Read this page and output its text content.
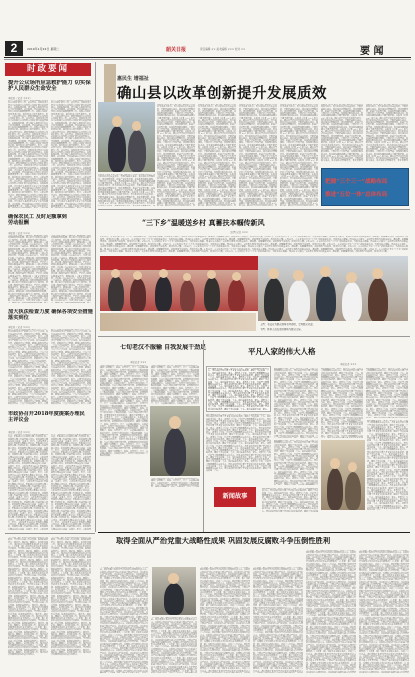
2	2019年1月22日 星期二	韶关日报	责任编辑 ×× 美术编辑 ××× 校对 ××	要 闻
时政要闻
提升公众场所应急救护能力 切实保护人民群众生命安全
本报讯（记者 李××）
昨日，市政府召开会议，研究部署提升公众场所应急救护能力工作。会议要求，各地各部门要充分认识提升公众场所应急救护能力的重要意义，加强统筹协调，切实保护人民群众生命安全和身体健康。会议强调，要加快推进公共场所自动体外除颤器配置工作，加强应急救护知识普及培训，提高群众自救互救能力。昨日，市政府召开会议，研究部署提升公众场所应急救护能力工作。会议要求，各地各部门要充分认识提升公众场所应急救护能力的重要意义，加强统筹协调，切实保护人民群众生命安全和身体健康。会议强调，要加快推进公共场所自动体外除颤器配置工作，加强应急救护知识普及培训，提高群众自救互救能力。昨日，市政府召开会议，研究部署提升公众场所应急救护能力工作。会议要求，各地各部门要充分认识提升公众场所应急救护能力的重要意义，加强统筹协调，切实保护人民群众生命安全和身体健康。会议强调，要加快推进公共场所自动体外除颤器配置工作，加强应急救护知识普及培训，提高群众自救互救能力。昨日，市政府召开会议，研究部署提升公众场所应急救护能力工作。会议要求，各地各部门要充分认识提升公众场所应急救护能力的重要意义，加强统筹协调，切实保护人民群众生命安全和身体健康。会议强调，要加快推进公共场所自动体外除颤器配置工作，加强应急救护知识普及培训，提高群众自救互救能力。昨日，市政府召开会议，研究部署提升公众场所应急救护能力工作。会议要求，各地各部门要充分认识提升公众场所应急救护能力的重要意义，加强统筹协调，切实保护人民群众生命安全和身体健康。会议强调，要加快推进公共场所自动体外除颤器配置工作，加强应急救护知识普及培训，提高群众自救互救能力。昨日，市政府召开会议，研究部署提升公众场所应急救护能力工作。会议要求，各地各部门要充分认识提升公众场所应急救护能力的重要意义，加强统筹协调，切实保护人民群众生命安全和身体健康。会议强调，要加快推进公共场所自动体外除颤器配置工作，加强应急救护知识普及培训，提高群众自救互救能力。昨日，市政府召开会议，研究部署提升公众场所应急救护能力工作。会议要求，各地各部门要充分认识提升公众场所应急救护能力的重要意义，加强统筹协调，切实保护人民群众生命安全和身体健康。会议强调，要加快推进公共场所自动体外除颤器配置工作，加强应急救护知识普及培
昨日，市政府召开会议，研究部署提升公众场所应急救护能力工作。会议要求，各地各部门要充分认识提升公众场所应急救护能力的重要意义，加强统筹协调，切实保护人民群众生命安全和身体健康。会议强调，要加快推进公共场所自动体外除颤器配置工作，加强应急救护知识普及培训，提高群众自救互救能力。昨日，市政府召开会议，研究部署提升公众场所应急救护能力工作。会议要求，各地各部门要充分认识提升公众场所应急救护能力的重要意义，加强统筹协调，切实保护人民群众生命安全和身体健康。会议强调，要加快推进公共场所自动体外除颤器配置工作，加强应急救护知识普及培训，提高群众自救互救能力。昨日，市政府召开会议，研究部署提升公众场所应急救护能力工作。会议要求，各地各部门要充分认识提升公众场所应急救护能力的重要意义，加强统筹协调，切实保护人民群众生命安全和身体健康。会议强调，要加快推进公共场所自动体外除颤器配置工作，加强应急救护知识普及培训，提高群众自救互救能力。昨日，市政府召开会议，研究部署提升公众场所应急救护能力工作。会议要求，各地各部门要充分认识提升公众场所应急救护能力的重要意义，加强统筹协调，切实保护人民群众生命安全和身体健康。会议强调，要加快推进公共场所自动体外除颤器配置工作，加强应急救护知识普及培训，提高群众自救互救能力。昨日，市政府召开会议，研究部署提升公众场所应急救护能力工作。会议要求，各地各部门要充分认识提升公众场所应急救护能力的重要意义，加强统筹协调，切实保护人民群众生命安全和身体健康。会议强调，要加快推进公共场所自动体外除颤器配置工作，加强应急救护知识普及培训，提高群众自救互救能力。昨日，市政府召开会议，研究部署提升公众场所应急救护能力工作。会议要求，各地各部门要充分认识提升公众场所应急救护能力的重要意义，加强统筹协调，切实保护人民群众生命安全和身体健康。会议强调，要加快推进公共场所自动体外除颤器配置工作，加强应急救护知识普及培训，提高群众自救互救能力。昨日，市政府召开会议，研究部署提升公众场所应急救护能力工作。会议要求，各地各部门要充分认识提升公众场所应急救护能力的重要意义，加强统筹协调，切实保护人民群众生命安全和身体健康。会议强调，要加快推进公共场所自动体外除颤器配置工作，加强应急救护知识普及培
确保农民工 及时足额拿到劳动报酬
本报讯（记者 ×××）
为切实维护农民工合法权益，确保农民工及时足额拿到劳动报酬，我市近日开展根治欠薪冬季专项行动，对在建工程项目进行全面排查，严厉打击恶意欠薪违法行为，确保农民工工资支付情况平稳，让农民工安心返乡过年。为切实维护农民工合法权益，确保农民工及时足额拿到劳动报酬，我市近日开展根治欠薪冬季专项行动，对在建工程项目进行全面排查，严厉打击恶意欠薪违法行为，确保农民工工资支付情况平稳，让农民工安心返乡过年。为切实维护农民工合法权益，确保农民工及时足额拿到劳动报酬，我市近日开展根治欠薪冬季专项行动，对在建工程项目进行全面排查，严厉打击恶意欠薪违法行为，确保农民工工资支付情况平稳，让农民工安心返乡过年。为切实维护农民工合法权益，确保农民工及时足额拿到劳动报酬，我市近日开展根治欠薪冬季专项行动，对在建工程项目进行全面排查，严厉打击恶意欠薪违法行为，确保农民工工资支付情况平稳，让农民工安心返乡过年。为切实维护农民工合法权益，确保农民工及时足额拿到劳动报酬，我市近日开展根治欠薪冬季专项行动，对在建工程项目进行全面排查，严厉打击恶意欠薪违法行为，确保农民工工资支付情况平稳，让农民工安心返乡过年。为切实维护农民工合法权益，确保农民工及时足额拿到劳动报酬，我市近日开展根治欠薪冬季专项行动，对在建工程项目进行全面排查，严厉打击恶意欠薪违法行为，确保农民工工资支付情况平稳，让农民工安心返乡过年。为切实维护农民工合法权
为切实维护农民工合法权益，确保农民工及时足额拿到劳动报酬，我市近日开展根治欠薪冬季专项行动，对在建工程项目进行全面排查，严厉打击恶意欠薪违法行为，确保农民工工资支付情况平稳，让农民工安心返乡过年。为切实维护农民工合法权益，确保农民工及时足额拿到劳动报酬，我市近日开展根治欠薪冬季专项行动，对在建工程项目进行全面排查，严厉打击恶意欠薪违法行为，确保农民工工资支付情况平稳，让农民工安心返乡过年。为切实维护农民工合法权益，确保农民工及时足额拿到劳动报酬，我市近日开展根治欠薪冬季专项行动，对在建工程项目进行全面排查，严厉打击恶意欠薪违法行为，确保农民工工资支付情况平稳，让农民工安心返乡过年。为切实维护农民工合法权益，确保农民工及时足额拿到劳动报酬，我市近日开展根治欠薪冬季专项行动，对在建工程项目进行全面排查，严厉打击恶意欠薪违法行为，确保农民工工资支付情况平稳，让农民工安心返乡过年。为切实维护农民工合法权益，确保农民工及时足额拿到劳动报酬，我市近日开展根治欠薪冬季专项行动，对在建工程项目进行全面排查，严厉打击恶意欠薪违法行为，确保农民工工资支付情况平稳，让农民工安心返乡过年。为切实维护农民工合法权益，确保农民工及时足额拿到劳动报酬，我市近日开展根治欠薪冬季专项行动，对在建工程项目进行全面排查，严厉打击恶意欠薪违法行为，确保农民工工资支付情况平稳，让农民工安心返乡过年。为切实维护农民工合法权
加大执法检查力度 确保各项安全措施落实到位
本报讯（记者 ×××）
近日，市领导带队检查春节前安全生产工作，要求各地各部门严格落实安全生产责任制，加大执法检查力度，消除各类安全隐患，确保人民群众度过一个安全祥和的春节。近日，市领导带队检查春节前安全生产工作，要求各地各部门严格落实安全生产责任制，加大执法检查力度，消除各类安全隐患，确保人民群众度过一个安全祥和的春节。近日，市领导带队检查春节前安全生产工作，要求各地各部门严格落实安全生产责任制，加大执法检查力度，消除各类安全隐患，确保人民群众度过一个安全祥和的春节。近日，市领导带队检查春节前安全生产工作，要求各地各部门严格落实安全生产责任制，加大执法检查力度，消除各类安全隐患，确保人民群众度过一个安全祥和的春节。近日，市领导带队检查春节前安全生产工作，要求各地各部门严格落实安全生产责任制，加大执法检查力度，消除各类安全隐患，确保人民群众度过一个安全祥和的春节。近日，市领导带队检查春节前安全生产工作，要求各地各部门严格落实安全生产责任制，加大执法检查力度，消除各类安全隐患，确保人民群众度过一个安全祥和的春节。近日，市领导带队检查春节前安全生产工作，要求各地各部门严格落实安全生产责任制，加大执法检查力度，消除各类安全隐患，确保人民群众度过一个安全祥和的春节。近日，市领导带队检查春节前安全生产工作，要求各地各部门严格落实安全生产责任制，加大执法检查力度，消除各类安全隐患，确保人民群众度过一个安全祥和的春节。近日，市领导带队检查春节前安全生产工作，要求各地各部门严格落实安全生产责任制，加大执法检查力度，消除各类安全隐患，确保人民群众度过一个安全祥和的春节。近日，市领
近日，市领导带队检查春节前安全生产工作，要求各地各部门严格落实安全生产责任制，加大执法检查力度，消除各类安全隐患，确保人民群众度过一个安全祥和的春节。近日，市领导带队检查春节前安全生产工作，要求各地各部门严格落实安全生产责任制，加大执法检查力度，消除各类安全隐患，确保人民群众度过一个安全祥和的春节。近日，市领导带队检查春节前安全生产工作，要求各地各部门严格落实安全生产责任制，加大执法检查力度，消除各类安全隐患，确保人民群众度过一个安全祥和的春节。近日，市领导带队检查春节前安全生产工作，要求各地各部门严格落实安全生产责任制，加大执法检查力度，消除各类安全隐患，确保人民群众度过一个安全祥和的春节。近日，市领导带队检查春节前安全生产工作，要求各地各部门严格落实安全生产责任制，加大执法检查力度，消除各类安全隐患，确保人民群众度过一个安全祥和的春节。近日，市领导带队检查春节前安全生产工作，要求各地各部门严格落实安全生产责任制，加大执法检查力度，消除各类安全隐患，确保人民群众度过一个安全祥和的春节。近日，市领导带队检查春节前安全生产工作，要求各地各部门严格落实安全生产责任制，加大执法检查力度，消除各类安全隐患，确保人民群众度过一个安全祥和的春节。近日，市领导带队检查春节前安全生产工作，要求各地各部门严格落实安全生产责任制，加大执法检查力度，消除各类安全隐患，确保人民群众度过一个安全祥和的春节。近日，市领导带队检查春节前安全生产工作，要求各地各部门严格落实安全生产责任制，加大执法检查力度，消除各类安全隐患，确保人民群众度过一个安全祥和的春节。近日，市领
市政协召开2018年度提案办理民主评议会
本报讯（记者 ×××）
昨日，市政协召开2018年度提案办理民主评议会，听取承办单位提案办理工作情况汇报，对提案办理工作进行民主评议，推动提案办理质量和实效进一步提升。昨日，市政协召开2018年度提案办理民主评议会，听取承办单位提案办理工作情况汇报，对提案办理工作进行民主评议，推动提案办理质量和实效进一步提升。昨日，市政协召开2018年度提案办理民主评议会，听取承办单位提案办理工作情况汇报，对提案办理工作进行民主评议，推动提案办理质量和实效进一步提升。昨日，市政协召开2018年度提案办理民主评议会，听取承办单位提案办理工作情况汇报，对提案办理工作进行民主评议，推动提案办理质量和实效进一步提升。昨日，市政协召开2018年度提案办理民主评议会，听取承办单位提案办理工作情况汇报，对提案办理工作进行民主评议，推动提案办理质量和实效进一步提升。昨日，市政协召开2018年度提案办理民主评议会，听取承办单位提案办理工作情况汇报，对提案办理工作进行民主评议，推动提案办理质量和实效进一步提升。昨日，市政协召开2018年度提案办理民主评议会，听取承办单位提案办理工作情况汇报，对提案办理工作进行民主评议，推动提案办理质量和实效进一步提升。昨日，市政协召开2018年度提案办理民主评议会，听取承办单位提案办理工作情况汇报，对提案办理工作进行民主评议，推动提案办理质量和实效进一步提升。昨日，市政协召开2018年度提案办理民主评议会，听取承办单位提案办理工作情况汇报，对提案办理工作进行民主评议，推动提案办理质量和实效进一步提升。昨日，市政协召开2018年度提案办理民主评议会，听取承办单位提案办理工作情况汇报，对提案办理工作进行民主评议，推动提案办理质量和实效进一步提升。昨日，市政协召开2018年度提案办理民主评议会，听取承办单位提案办理工作情况汇报，对提案办理工作进行民主评议，推动提案办理质量和实效进一步提升。昨日，市政协召开2018年度提案办理民主评议会，听取承办单位提案办理工作情况汇报，对提案办理工作进行民主评议，推动提案办理质量和实效进一步提升。昨日，市政协召
昨日，市政协召开2018年度提案办理民主评议会，听取承办单位提案办理工作情况汇报，对提案办理工作进行民主评议，推动提案办理质量和实效进一步提升。昨日，市政协召开2018年度提案办理民主评议会，听取承办单位提案办理工作情况汇报，对提案办理工作进行民主评议，推动提案办理质量和实效进一步提升。昨日，市政协召开2018年度提案办理民主评议会，听取承办单位提案办理工作情况汇报，对提案办理工作进行民主评议，推动提案办理质量和实效进一步提升。昨日，市政协召开2018年度提案办理民主评议会，听取承办单位提案办理工作情况汇报，对提案办理工作进行民主评议，推动提案办理质量和实效进一步提升。昨日，市政协召开2018年度提案办理民主评议会，听取承办单位提案办理工作情况汇报，对提案办理工作进行民主评议，推动提案办理质量和实效进一步提升。昨日，市政协召开2018年度提案办理民主评议会，听取承办单位提案办理工作情况汇报，对提案办理工作进行民主评议，推动提案办理质量和实效进一步提升。昨日，市政协召开2018年度提案办理民主评议会，听取承办单位提案办理工作情况汇报，对提案办理工作进行民主评议，推动提案办理质量和实效进一步提升。昨日，市政协召开2018年度提案办理民主评议会，听取承办单位提案办理工作情况汇报，对提案办理工作进行民主评议，推动提案办理质量和实效进一步提升。昨日，市政协召开2018年度提案办理民主评议会，听取承办单位提案办理工作情况汇报，对提案办理工作进行民主评议，推动提案办理质量和实效进一步提升。昨日，市政协召开2018年度提案办理民主评议会，听取承办单位提案办理工作情况汇报，对提案办理工作进行民主评议，推动提案办理质量和实效进一步提升。昨日，市政协召开2018年度提案办理民主评议会，听取承办单位提案办理工作情况汇报，对提案办理工作进行民主评议，推动提案办理质量和实效进一步提升。昨日，市政协召开2018年度提案办理民主评议会，听取承办单位提案办理工作情况汇报，对提案办理工作进行民主评议，推动提案办理质量和实效进一步提升。昨日，市政协召
惠民生 增福祉
确山县以改革创新提升发展质效
本报讯（记者 ××）近年来，确山县坚持以改革创新为动力，着力推动经济高质量发展，不断增进民生福祉。该县深化放管服改革，优化营商环境，推进产业转型升级，加快新型城镇化建设，全面打好三大攻坚战，各项事业取得新成效，群众获得感幸福感安全感不断增强。本报讯（记者 ××）近年来，确山县坚持以改革创新为动力，着力推动经济高质量发展，不断增进民生福祉。该县深化放管服改革，优化营商环境，推进产业转型升级，加快新型城镇化建设，全面打好三大攻坚战，各项事业取得新成效，群众获得感幸福感安全感不断增强。本报讯（记者 ××）近年来，确山县坚持以改革创新为动力，着力推动经济高质量发展，不断增进民生福祉。该县深化放管服改革，优化营商环境，推进产业转型升级，加快新型城镇化建设，全面打好三大攻坚战，各项事业取得新成效，群众获得感幸福感安全感不断增强。本报讯（记者 ××）近年来，确山县坚持以改革创新为动力，着力推动经济高质量发展，不断增进民生福祉。该县深化放管服改革，优化营商环境，推进产业转型升级，加快新型城镇化建设，全面打好三大攻坚战，各项事业取得新成效，群众获得感幸福感安全感不断增强。本报讯（记者 ××）近年来，确山县坚持以改革创新为动力，着力推动经济高质量发展，不断增进民生福祉。该县深化放管服改革，优化营商环境，推进产业转型升级，加快新型城镇化建设，全面打好三大攻坚战，各项事业取得新成效，群众获得感幸福感安全感不断增强。本报讯（记者 ××）近年来，确山县坚持以改革创新为动力，着力推动经济高质量发展，不断增进民生福祉。该县深化放管服改革，优化营商环境，推进产业转型升级，加快新型城镇化建设，全面打好三大攻坚战，各项事业取得新成效，群众获得感幸福感安全感不断增强。本报讯（记者 ××）近年来，确山县坚持以改革创新为动力，着力推动经济高质量发展，不断增进民生福祉。该县深化放管服改革，优化营商环境，推进产业转型升级，加快新型城镇化建设，全面打好三大攻坚战，各项事业取得新成效，群众获得感幸福感安全感不断增强。本报讯（记者 ××）
本报讯（记者 ××）近年来，确山县坚持以改革创新为动力，着力推动经济高质量发展，不断增进民生福祉。该县深化放管服改革，优化营商环境，推进产业转型升级，加快新型城镇化建设，全面打好三大攻坚战，各项事业取得新成效，群众获得感幸福感安全感不断增强。本报讯（记者 ××）近年来，确山县坚持以改革创新为动力，着力推动经济高质量发展，不断增进民生福祉。该县深化放管服改革，优化营商环境，推进产业转型升级，加快新型城镇化建设，全面打好三大攻坚战，各项事业取得新成效，群众获得感幸福感安全感不断增强。本报讯（记者 ××）近年来，确山县坚持以改革创新为动力，着力推动经济高质量发展，不断增进民生福祉。该县深化放管服改革，优化营商环境，推进产业转型升级，加快新型城镇化建设，全面打好三大攻坚战，各项事业取得新成效，群众获得感幸福感安全感不断增强。本报讯（记者 ××）近年来，确山县坚持以改革创新为动力，着力推动经济高质量发展，不断增进民生福祉。该县深化放管服改革，优化营商环境，推进产业转型升级，加快新型城镇化建设，全面打好三大攻坚战，各项事业取得新成效，群众获得感幸福感安全感不断增强。本报讯（记者 ××）近年来，确山县坚持以改革创新为动力，着力推动经济高质量发展，不断增进民生福祉。该县深化放管服改革，优化营商环境，推进产业转型升级，加快新型城镇化建设，全面打好三大攻坚战，各项事业取得新成效，群众获得感幸福感安全感不断增强。本报讯（记者 ××）近年来，确山县坚持以改革创新为动力，着力推动经济高质量发展，不断增进民生福祉。该县深化放管服改革，优化营商环境，推进产业转型升级，加快新型城镇化建设，全面打好三大攻坚战，各项事业取得新成效，群众获得感幸福感安全感不断增强。本报讯（记者 ××）近年来，确山县坚持以改革创新为动力，着力推动经济高质量发展，不断增进民生福祉。该县深化放管服改革，优化营商环境，推进产业转型升级，加快新型城镇化建设，全面打好三大攻坚战，各项事业取得新成效，群众获得感幸福感安全感不断增强。本报讯（记者 ××）
本报讯（记者 ××）近年来，确山县坚持以改革创新为动力，着力推动经济高质量发展，不断增进民生福祉。该县深化放管服改革，优化营商环境，推进产业转型升级，加快新型城镇化建设，全面打好三大攻坚战，各项事业取得新成效，群众获得感幸福感安全感不断增强。本报讯（记者 ××）近年来，确山县坚持以改革创新为动力，着力推动经济高质量发展，不断增进民生福祉。该县深化放管服改革，优化营商环境，推进产业转型升级，加快新型城镇化建设，全面打好三大攻坚战，各项事业取得新成效，群众获得感幸福感安全感不断增强。本报讯（记者 ××）近年来，确山县坚持以改革创新为动力，着力推动经济高质量发展，不断增进民生福祉。该县深化放管服改革，优化营商环境，推进产业转型升级，加快新型城镇化建设，全面打好三大攻坚战，各项事业取得新成效，群众获得感幸福感安全感不断增强。本报讯（记者 ××）近年来，确山县坚持以改革创新为动力，着力推动经济高质量发展，不断增进民生福祉。该县深化放管服改革，优化营商环境，推进产业转型升级，加快新型城镇化建设，全面打好三大攻坚战，各项事业取得新成效，群众获得感幸福感安全感不断增强。本报讯（记者 ××）近年来，确山县坚持以改革创新为动力，着力推动经济高质量发展，不断增进民生福祉。该县深化放管服改革，优化营商环境，推进产业转型升级，加快新型城镇化建设，全面打好三大攻坚战，各项事业取得新成效，群众获得感幸福感安全感不断增强。本报讯（记者 ××）近年来，确山县坚持以改革创新为动力，着力推动经济高质量发展，不断增进民生福祉。该县深化放管服改革，优化营商环境，推进产业转型升级，加快新型城镇化建设，全面打好三大攻坚战，各项事业取得新成效，群众获得感幸福感安全感不断增强。本报讯（记者 ××）近年来，确山县坚持以改革创新为动力，着力推动经济高质量发展，不断增进民生福祉。该县深化放管服改革，优化营商环境，推进产业转型升级，加快新型城镇化建设，全面打好三大攻坚战，各项事业取得新成效，群众获得感幸福感安全感不断增强。本报讯（记者 ××）
本报讯（记者 ××）近年来，确山县坚持以改革创新为动力，着力推动经济高质量发展，不断增进民生福祉。该县深化放管服改革，优化营商环境，推进产业转型升级，加快新型城镇化建设，全面打好三大攻坚战，各项事业取得新成效，群众获得感幸福感安全感不断增强。本报讯（记者 ××）近年来，确山县坚持以改革创新为动力，着力推动经济高质量发展，不断增进民生福祉。该县深化放管服改革，优化营商环境，推进产业转型升级，加快新型城镇化建设，全面打好三大攻坚战，各项事业取得新成效，群众获得感幸福感安全感不断增强。本报讯（记者 ××）近年来，确山县坚持以改革创新为动力，着力推动经济高质量发展，不断增进民生福祉。该县深化放管服改革，优化营商环境，推进产业转型升级，加快新型城镇化建设，全面打好三大攻坚战，各项事业取得新成效，群众获得感幸福感安全感不断增强。本报讯（记者 ××）近年来，确山县坚持以改革创新为动力，着力推动经济高质量发展，不断增进民生福祉。该县深化放管服改革，优化营商环境，推进产业转型升级，加快新型城镇化建设，全面打好三大攻坚战，各项事业取得新成效，群众获得感幸福感安全感不断增强。本报讯（记者 ××）近年来，确山县坚持以改革创新为动力，着力推动经济高质量发展，不断增进民生福祉。该县深化放管服改革，优化营商环境，推进产业转型升级，加快新型城镇化建设，全面打好三大攻坚战，各项事业取得新成效，群众获得感幸福感安全感不断增强。本报讯（记者 ××）近年来，确山县坚持以改革创新为动力，着力推动经济高质量发展，不断增进民生福祉。该县深化放管服改革，优化营商环境，推进产业转型升级，加快新型城镇化建设，全面打好三大攻坚战，各项事业取得新成效，群众获得感幸福感安全感不断增强。本报讯（记者 ××）近年来，确山县坚持以改革创新为动力，着力推动经济高质量发展，不断增进民生福祉。该县深化放管服改革，优化营商环境，推进产业转型升级，加快新型城镇化建设，全面打好三大攻坚战，各项事业取得新成效，群众获得感幸福感安全感不断增强。本报讯（记者 ××）
本报讯（记者 ××）近年来，确山县坚持以改革创新为动力，着力推动经济高质量发展，不断增进民生福祉。该县深化放管服改革，优化营商环境，推进产业转型升级，加快新型城镇化建设，全面打好三大攻坚战，各项事业取得新成效，群众获得感幸福感安全感不断增强。本报讯（记者 ××）近年来，确山县坚持以改革创新为动力，着力推动经济高质量发展，不断增进民生福祉。该县深化放管服改革，优化营商环境，推进产业转型升级，加快新型城镇化建设，全面打好三大攻坚战，各项事业取得新成效，群众获得感幸福感安全感不断增强。本报讯（记者 ××）近年来，确山县坚持以改革创新为动力，着力推动经济高质量发展，不断增进民生福祉。该县深化放管服改革，优化营商环境，推进产业转型升级，加快新型城镇化建设，全面打好三大攻坚战，各项事业取得新成效，群众获得感幸福感安全感不断增强。本报讯（记者 ××）近年来，确山县坚持以改革创新为动力，着力推动经济高质量发展，不断增进民生福祉。该县深化放管服改革，优化营商环境，推进产业转型升级，加快新型城镇化建设，全面打好三大攻坚战，各项事业取得新成效，群众获得感幸福感安全感不断增强。本报讯（记者 ××）近年来，确山县坚持以改革创新为动力，着力推动经济高质量发展，不断增进民生福祉。该县深化放管服改革，优化营商环
本报讯（记者 ××）近年来，确山县坚持以改革创新为动力，着力推动经济高质量发展，不断增进民生福祉。该县深化放管服改革，优化营商环境，推进产业转型升级，加快新型城镇化建设，全面打好三大攻坚战，各项事业取得新成效，群众获得感幸福感安全感不断增强。本报讯（记者 ××）近年来，确山县坚持以改革创新为动力，着力推动经济高质量发展，不断增进民生福祉。该县深化放管服改革，优化营商环境，推进产业转型升级，加快新型城镇化建设，全面打好三大攻坚战，各项事业取得新成效，群众获得感幸福感安全感不断增强。本报讯（记者 ××）近年来，确山县坚持以改革创新为动力，着力推动经济高质量发展，不断增进民生福祉。该县深化放管服改革，优化营商环境，推进产业转型升级，加快新型城镇化建设，全面打好三大攻坚战，各项事业取得新成效，群众获得感幸福感安全感不断增强。本报讯（记者 ××）近年来，确山县坚持以改革创新为动力，着力推动经济高质量发展，不断增进民生福祉。该县深化放管服改革，优化营商环境，推进产业转型升级，加快新型城镇化建设，全面打好三大攻坚战，各项事业取得新成效，群众获得感幸福感安全感不断增强。本报讯（记者 ××）近年来，确山县坚持以改革创新为动力，着力推动经济高质量发展，不断增进民生福祉。该县深化放管服改革，优化营商环
本报讯（记者 ××）近年来，确山县坚持以改革创新为动力，着力推动经济高质量发展，不断增进民生福祉。该县深化放管服改革，优化营商环境，推进产业转型升级，加快新型城镇化建设，全面打好三大攻坚战，各项事业取得新成效，群众获得感幸福感安全感不断增强。本报讯（记者 ××）近年来，确山县坚持以改革创新为动力，着力推动经济高质量发展，不断增进民生福祉。该县深化放管服改革，优化营商环境，推进产业转型升级，加快新型城镇化建设，全面打好三大攻坚战，各项事业取得新成效，群众获得感幸福感安全感不断增强。本报讯（记者 ××）近年来，确山县坚持以改革创新为动力，着力推动经济高质量发展，不断增进民生福祉。该县深化放管服改革，优化营商环境，推进产业转型升级，加快新型城镇化建设，全面打好三大攻坚战，各项事业取得新成效，群众获得感幸福感安全感不断增强。本报讯（记者 ××）近年来，确山县坚持以改革创新为动力，着力推动
把握“三个三一”战略布局
推进“五位一体”总体布局
“三下乡”温暖送乡村 真蓄扶本帼传新风
文/图 记者 ×××
1月21日，市文化科技卫生“三下乡”活动走进乡村，为群众送去春联、图书和文艺演出，义诊医生现场为村民量血压、测血糖、讲解健康知识，活动现场气氛热烈，群众纷纷点赞。1月21日，市文化科技卫生“三下乡”活动走进乡村，为群众送去春联、图书和文艺演出，义诊医生现场为村民量血压、测血糖、讲解健康知识，活动现场气氛热烈，群众纷纷点赞。1月21日，市文化科技卫生“三下乡”活动走进乡村，为群众送去春联、图书和文艺演出，义诊医生现场为村民量血压、测血糖、讲解健康知识，活动现场气氛热烈，群众纷纷点赞。1月21日，市文化科技卫生“三下乡”活动走进乡村，为群众送去春联、图书和文艺演出，义诊医生现场为村民量血压、测血糖、讲解健康知识，活动现场气氛热烈，群众纷纷点赞。1月21日，市文化科技卫生“三下乡”活动走进乡村，为群众送去春联、图书和文艺演出，义诊医生现场为村民量血压、测血糖、讲解健康知识，活动现场气氛热烈，群众纷纷点赞。1月21日，市文化科技卫生“三下乡”活动走进乡村，为群众送去春联、图书和文艺演出，义诊医生现场为村民量血压、测血糖、讲解健康知识，活动现场气氛热烈，群众纷纷点赞。1月21日，市文化科技卫生“三下乡”活动走进乡村，为群众送去春联、图书和文艺演出，义诊医生现场为村民量血压、测血糖、讲解健康知识，活动现场气氛热烈，群众纷纷点赞。1月21日，市文化科技卫生“三下乡”活动走进乡村，为群众送去春联、图书和文艺演出，义诊医生现场为村民量血压、测血糖、讲解健康知识，活动现场气氛热烈，群众纷纷点赞。1月21日，市文化科技卫生“三下乡”活动走进乡村，为群众送去春联、图书和文艺演出，义诊医生现场为村民量血压、测血糖、讲解健康知识，活动现场气氛热烈，群众纷纷点赞。1月21日，市文化科技卫生“三下乡”活动走进乡村，为群众送去春联、图书和文艺演出，义诊医生现场为村民量血压、测血糖、讲解健康知识，活动现场气氛热烈，群众纷纷点赞。1月21日，市文化科技卫生“三下乡”活动走进乡村，为群众送去春联、图书和文艺演出，义诊医生现场为村民量血压、测血糖、讲解健康知识，活动现场气氛热烈，群众纷纷点赞。1月21日，市文化科技卫生“三下乡”活动走进乡村，为群众送去春联、图书和文艺演出，义诊医生现场为村民量血压、测血糖、讲解健康知识，活动现场气氛热烈，群众纷纷点赞。1月21日，市文化科技卫生“三下乡”活动走进乡村，为群众送去春联、图书和文艺演出，义诊医生现场为村民量血压、测血糖、讲解健康知识，活动现场气氛热烈，群众纷纷点赞。
上图：书法家为群众现场书写春联，受到群众欢迎。
下图：医务人员在活动现场为群众义诊。
七旬老汉不服输 自我发展干劲足
本报记者 ×××
年过七旬的老张不等不靠，依靠勤劳双手发展种养业，摘掉了贫困帽子。他说，只要肯干，日子一定会越过越红火。在他的带动下，村里不少群众也走上了脱贫致富路。年过七旬的老张不等不靠，依靠勤劳双手发展种养业，摘掉了贫困帽子。他说，只要肯干，日子一定会越过越红火。在他的带动下，村里不少群众也走上了脱贫致富路。年过七旬的老张不等不靠，依靠勤劳双手发展种养业，摘掉了贫困帽子。他说，只要肯干，日子一定会越过越红火。在他的带动下，村里不少群众也走上了脱贫致富路。年过七旬的老张不等不靠，依靠勤劳双手发展种养业，摘掉了贫困帽子。他说，只要肯干，日子一定会越过越红火。在他的带动下，村里不少群众也走上了脱贫致富路。年过七旬的老张不等不靠，依靠勤劳双手发展种养业，摘掉了贫困帽子。他说，只要肯干，日子一定会越过越红火。在他的带动下，村里不少群众也走上了脱贫致富路。年过七旬的老张不等不靠，依靠勤劳双手发展种养业，摘掉了贫困帽子。他说，只要肯干，日子一定会越过越红火。在他的带动下，村里不少群众也走上了脱贫致富路。年过七旬的老张不等不靠，依靠勤劳双手发展种养业，摘掉了贫困帽子。他说，只要肯干，日子一定会越过越红火。在他的带动下，村里不少群众也走上了脱贫致富路。年过七旬的老张不等不靠，依靠勤劳双手发展种养业，摘掉了贫困帽子。他说，只要肯干，日子一定会越过越红火。在他的带动下，村里不少群众也走上了脱贫致富路。年过七旬的老张不等不靠，依靠勤劳双手发展种养业，摘掉了贫困帽子。他说，只要肯干，日子一定会越过越红火。在他的带动下，村里不少群众也走上了脱贫致富路。年过七旬的老张不等不靠，依靠勤劳双手发展种养业，摘掉了贫困帽子。他说，只要肯干，日子一定会越过越红火。在他的带动下，村里不少群众也走上了脱贫致富路。年过七旬的老张不等不靠，依靠勤劳双手发展种养业，摘掉了贫困帽子。他说，只要肯干，日子一定会越过越红火。在他的带动下，村里不少群众也走上了脱贫致富路。年过七旬的老张不等不靠，依靠勤劳双手发展种养业，摘掉了贫困帽子。他说，只要肯干，日子一定会越过越红火。在他的带动下，村里不少群众也走上了脱贫致富路。年过七旬的老张不等不靠，依靠勤劳双手发展种养业，摘掉了贫困帽子。他说，只要肯干，日子一定会越过越红火。在他的带动下，村里不少群众也走上了脱贫致富路。
年过七旬的老张不等不靠，依靠勤劳双手发展种养业，摘掉了贫困帽子。他说，只要肯干，日子一定会越过越红火。在他的带动下，村里不少群众也走上了脱贫致富路。年过七旬的老张不等不靠，依靠勤劳双手发展种养业，摘掉了贫困帽子。他说，只要肯干，日子一定会越过越红火。在他的带动下，村里不少群众也走上了脱贫致富路。年过七旬的老张不等不靠，依靠勤劳双手发展种养业，摘掉了贫困帽子。他说，只要肯干，日子一定会越过越红火。在他的带动下，村里不少群众也走上了脱贫致富路。年过七旬的老张不等不靠，依靠勤劳双手发展种养业，摘掉了贫困帽子。他说，只要肯干，日子一定会越过越红火。在他的带动下，村里不少群众也走上了脱贫致富路。年过七旬的老张不等不靠，依靠勤劳双手发展种养业，摘掉了贫困帽子。他说，只要肯干，日子一定会越过越红火。在他的带动下，村里不少群众也走上了脱贫致富路。年过七旬的老张不等不靠，依靠勤劳双手发展种养业，摘掉了贫困帽子。他说，只要肯干，日子一定会越过越红火。在他的带动下，村里不少
年过七旬的老张不等不靠，依靠勤劳双手发展种养业，摘掉了贫困帽子。他说，只要肯干，日子一定会越过越红火。在他的带动下，村里不少群众也走上了脱贫致富路。年过七旬的老张不等不靠，依靠勤劳双手发展种养
新闻故事
平凡人家的伟大人格
本报记者 ×××
他们是最平凡的一家人，却用几十年如一日的坚守照顾瘫痪在床的亲人，用朴素的行动诠释了孝老爱亲的传统美德，感动了身边的每一个人。他们是最平凡的一家人，却用几十年如一日的坚守照顾瘫痪在床的亲人，用朴素的行动诠释了孝老爱亲的传统美德，感动了身边的每一个人。他们是最平凡的一家人，却用几十年如一日的坚守照顾瘫痪在床的亲人，用朴素的行动诠释了孝老爱亲的传统美德，感动了身边的每一个人。他们是最平凡的一家人，却用几十年如一日的坚守照顾瘫痪在床的亲人，用朴素的行动诠释了孝老爱亲的传统美德，感动了身边的每一个人。他们是最平凡的一家人，却用几十年如一日的坚守照顾瘫痪在床的亲人，用朴素的行动诠释了孝老爱亲的传统美德，感动了身边的每一个人。他们是最平凡的一家人，却用几十年如一日的坚守照顾瘫痪在床的亲人，用朴素的行动诠释了孝老爱亲的传统美德，感动了身边的每一个人。他们是最平凡的一家人，却用几十年如一日的坚守照顾瘫痪在床的亲人，用朴素的行动诠释了孝老爱亲的传统美德，感动了身边的每一个人。他们是最平凡的一家人，却用几十年如一日的坚守照顾瘫痪在床的亲人，用朴素的行动诠释了孝老爱亲的传统美德，感动了身边的每一个人。他们是最平凡的一家人，却用几十年如一日的坚守照顾瘫痪在床的亲人，用朴素的行动诠释了孝老爱亲的传统美德，感动了身边的每一个人。他们是最平凡的一家人，
他们是最平凡的一家人，却用几十年如一日的坚守照顾瘫痪在床的亲人，用朴素的行动诠释了孝老爱亲的传统美德，感动了身边的每一个人。他们是最平凡的一家人，却用几十年如一日的坚守照顾瘫痪在床的亲人，用朴素的行动诠释了孝老爱亲的传统美德，感动了身边的每一个人。他们是最平凡的一家人，却用几十年如一日的坚守照顾瘫痪在床的亲人，用朴素的行动诠释了孝老爱亲的传统美德，感动了身边的每一个人。他们是最平凡的一家人，却用几十年如一日的坚守照顾瘫痪在床的亲人，用朴素的行动诠释了孝老爱亲的传统美德，感动了身边的每一个人。他们是最平凡的一家人，却用几十年如一日的坚守照顾瘫痪在床的亲人，用朴素的行动诠释了孝老爱亲的传统美德，感动了身边的每一个人。他们是最平凡的一家人，却用几十年如一日的坚守照顾瘫痪在床的亲人，用朴素的行动诠释了孝老爱亲的传统美德，感动了身边的每一个人。他们是最平凡的一家人，却用几十年如一日的坚守照顾瘫痪在床的亲人，用朴素的行动诠释了孝老爱亲的传统美德，感动了身边的每一个人。他们是最平凡的一家人，却用几十年如一日的坚守照顾瘫痪在床的亲人，用朴素的行动诠释了孝老爱亲的传统美德，感动了身边的每一个人。他们是最平凡的一家人，却用几十年如一日的坚守照顾瘫痪在床的亲人，用朴素的行动诠释了孝老爱亲的传统美德，感动了身边的每一个人。他们是最平凡的一家人，却用几十年如一日的坚守照顾瘫痪在床的亲人，用朴素的行动诠释了孝老爱亲的传统美德，感动了身边的每一个人。他们是最平凡的一家人，却用几十年如一日的坚守照顾瘫痪在床的亲人，用朴素的行动诠释了孝老爱亲的传统美德，感动了身边的每一个
他们是最平凡的一家人，却用几十年如一日的坚守照顾瘫痪在床的亲人，用朴素的行动诠释了孝老爱亲的传统美德，感动了身边的每一个人。他们是最平凡的一家人，却用几十年如一日的坚守照顾瘫痪在床的亲人，用朴素的行动诠释了孝老爱亲的传统美德，感动了身边的每一个人。他们是最平凡的一家人，却用几十年如一日的坚守照顾瘫痪在床的亲人，用朴素的行动诠释了孝老爱亲的传统美德，感动了身边的每一个人。他们是最平凡的一家人，却用几十年如一日的坚守照顾瘫痪在床的亲人，用朴素的行动诠释了孝老爱亲的传统美德，感动了身边的每一个人。他们是最平凡的一家人，却用几十年如一日的坚守照顾瘫痪在床的亲人，用朴素的行动诠释了孝老爱亲的传统美德，感动了身边的每一个人。他们是最平凡的一家人，却用几十年如一日的坚守照顾瘫痪在床的亲人，用朴素的行动诠释了孝老爱亲的传统美德，感动了身边的每一个人。他们是最平凡的一家人，却用几十年如一日的坚守照顾瘫痪在床的亲人，用朴素的行动诠释了孝老爱亲的传统美德，感动了身边的每一个人。他们是最平凡的一家人，却用几十年如一日的坚守照顾瘫痪在床的亲人，用朴素的行动诠释了孝老爱亲的传统美德，感动了身边的每一个人。他们是最平凡的一家人，却用几十年如一日的坚守照顾瘫痪在床的亲人，用朴素的行动诠释了孝老爱亲的传统美德，感动了身边的每一个人。他们是最平凡的一家人，却用几十年如一日的坚守照顾瘫痪在床的亲人，用朴素的行动诠释了孝老爱亲的传统美德，感动了身边的每一个人。他们是最平凡的一家人，却用几十年如一日的坚守照顾瘫痪在床的
他们是最平凡的一家人，却用几十年如一日的坚守照顾瘫痪在床的亲人，用朴素的行动诠释了孝老爱亲的传统美德，感动了身边的每一个人。他们是最平凡的一家人，却用几十年如一日的坚守照顾瘫痪在床的亲人，用朴素的行动诠释了孝老爱亲的传统美德，感动了身边的每一个人。他们是最平凡的一家人，却用几十年如一日的坚守照顾瘫痪在床的亲人，用朴素的行动诠释了孝老爱亲的传统美德，感动了身边的每一个人。他们是最平凡的一家人，却用几十年如一日的坚守照顾瘫痪在床的亲人，用朴素的行动诠释了孝老爱亲的传统美德，感动了身边的每一个人。他们是最平凡的一家人，却用几十年如一日的坚守照顾瘫痪在床的亲人，用朴素的行动诠释了孝老爱亲的传统美德，感动了身边的每一个人。他们是最平凡的一家人，却用几十年如一日的坚守照顾瘫痪在床的亲人，用朴素的行动诠释了孝老爱亲的传统美德，感动了身边的每一个人。他们是最平凡的一家人，却用几十年如一日的坚守照顾瘫痪在床的亲人，用朴素的行动诠释了孝老爱亲的传统美德，感动了身边的每一个人。他们是最平凡的一家人，却用几十年如一日的坚守照顾瘫痪在床
他们是最平凡的一家人，却用几十年如一日的坚守照顾瘫痪在床的亲人，用朴素的行动诠释了孝老爱亲的传统美德，感动了身边的每一个人。他们是最平凡的一家人，却用几十年如一日的坚守照顾瘫痪在床的亲人，用朴素的行动诠释了孝老爱亲的传统美德，感动了身边的每一个人。他们是最平凡的一家人，却用几十年如一日的坚守照顾瘫痪在床的亲人，用朴素的行动诠释了孝老爱亲的传统美德，感动了身边的每一个人。他们是最平凡的一家人，却用几十年如一日的坚守照顾瘫痪在床的亲人，用朴素的行动诠释了孝老爱亲的传统美德，感动了身边的每一个人。他们是最平凡的一家人，却用几十年如一日的坚守照顾瘫痪在床的亲人，用朴素的行动诠释了孝老爱亲的传统美德，感动了身边的每一个人。他们是最平凡的一家人，却用几十年如一日的坚守照顾瘫痪在床的亲人，用朴素的行动诠释了孝老爱亲的传统美德，感动了身边的每一个人。他们是最平凡的一家人，却用几十年如一日的坚守照顾瘫痪在床的亲人，用朴素的行动诠释了孝老爱亲的传统美德，感动了身边的每一个人。他们是最平凡的一家人，却用几十年如一日的坚守照顾瘫痪在床的亲人，用朴素的行动诠释了孝老爱亲的传统美德，感动了身边的每一个人。他们是最平凡的一家人，却用几十年如一日的坚守照顾瘫痪在床的亲人，用朴素的行动诠释了孝老爱亲的传统美德，感动了身边的每一个人。他们是最平凡的一家人，却用几十年如一日的坚守照顾瘫痪在床的亲人，用朴素的行动诠释了孝老爱亲的传统美德，感动了身边的每一个人。他们是最平凡的一家人，却用几十年如一日的坚守照顾瘫痪在床的亲人，用朴素的行动诠释了孝老爱亲的传统美德，感动了身边的每一个人。他们是最平凡的一家人，却用几十年如一日的坚守照顾瘫痪在床的亲人，用朴素的行动诠释了孝老爱亲的传统美德，感动了身边的每一个人。他们是最平凡的一家人，却用几十年如一日的坚守照顾瘫痪在床的亲人，用朴素的行动诠释了孝老爱亲的传统美德，感动了身边的每一个人。
他们是最平凡的一家人，却用几十年如一日的坚守照顾瘫痪在床的亲人，用朴素的行动诠释了孝老爱亲的传统美德，感动了身边的每一个人。他们是最平凡的一家人，却用几十年如一日的坚守照顾瘫痪在床的亲人，用朴素的行动诠释了孝老爱亲的传统美德，感动了身边的每一个人。他们是最平凡的一家人，却用几十年如一日的坚守照顾瘫痪在床的亲人，用朴素的行动诠释了孝老爱亲的传统美德，感动了身边的每一个人。他们是最平凡的一家人，却用几十年如一日的坚守照顾瘫痪在床的亲人，用朴素的行动诠释了孝老爱亲的传统美德，感动了身边的每一个人。他们是最平凡的一家人，却用几十年如一日的坚守照顾瘫痪在床的亲人，用朴素的行动诠释了孝老爱亲的传统美德，感动了身边的每一个人。他们是最平凡的一家人，却用几十年如一日的坚守照顾瘫痪在床的亲人，用朴素的行动诠释了孝老爱亲的传统美德，感动了身边的每一个人。他们是最平凡的一家人，却用几十年如一日的坚守照顾瘫痪在床的亲人，用朴素的行动诠释了孝老爱亲的传统美德，感动了身边的每一个人。他们是最平凡
他们是最平凡的一家人，却用几十年如一日的坚守照顾瘫痪在床的亲人，用朴素的行动诠释了孝老爱亲的传统美德，感动了身边的每一个人。他们是最平凡的一家人，却用几十年如一日的坚守照顾瘫痪在床的亲人，用朴素的行动诠释了孝老爱亲的传统美德，感动了身边的每一个人。他们是最平凡的一家人，却用几十年如一日的坚守照顾瘫痪在床的亲人，用朴素的行动诠释了孝老爱亲的传统美德，感动了身边的每一个人。他们是最平凡的一家人，却用几十年如一日的坚守照顾瘫痪在床的亲人，用朴素的行动诠释了孝老爱亲的传统美德，感动了身边的每一个人。他们是最平凡的一家人，却用几十年如一日的坚守照顾瘫痪在床的亲人，用朴素的行动诠释了孝老爱亲的传统美德，感动了身边的每一个人。他们是最平凡的一家人，却用几十年如一日的坚守照顾瘫痪在床的亲人，用朴素的行动诠释了孝老爱亲的传统美德，感动了身边的每一个人。他们是最平凡的一家人，却用几十年如一日的坚守照顾瘫痪在床的亲人，用朴素的行动诠释了孝老爱亲的传统美德，感动了身边的每一个人。他们是最平凡的一家人，却用几十年如一日的坚守照顾瘫痪在床的亲人，用朴素的行动诠释了孝老爱亲的传统美德，感动了身边的每一个人。他们是最平凡的一家人，却用几十年如一日的坚守照顾瘫痪在床的亲人，用朴素的行动诠释了孝老爱亲的传统美德，感动了身边的每一个人。他们是最平凡的一家人，却用几十年如一日的坚守照顾瘫痪在床的亲人，用朴素的行动诠释了孝老爱亲的传统美德，感动了身边的每一个人。他们是最平凡的一家人，却用几十年如一日的坚守照顾瘫痪在床的亲人，用朴素的行动诠释了孝老爱亲的传统美德，感动了身边的每一个人。他们是最平凡的一家人，却用几十年如一日的坚守照顾瘫痪在床的亲人，用朴素的行动诠释了孝老爱亲的传统美德，感动了身边的每一个人。他们是最平凡的一家人，却用几十年如一日的坚守照顾瘫痪在床的亲人，用朴素的行动诠释了孝老爱亲的传统美德，感动了
他们是最平凡的一家人，却用几十年如一日的坚守照顾瘫痪在床的亲人，用朴素的行动诠释了孝老爱亲的传统美德，感动了身边的每一个人。他们是最平凡的一家人，却用几十年如一日的坚守照顾瘫痪在床的亲人，用朴素的行动诠释了孝老爱亲的传统美德，感动了身边的每一个人。他们是最平凡的一家人，却用几十年如一日的坚守照顾瘫痪在床的亲人，用朴素的行动诠释了孝老爱亲的传统美德，感动了身边的每一个人。他们是最平凡的一家人，却用几十年如一日的坚守照顾瘫痪在床的亲人，用朴素的行动诠释了孝老爱亲的传统美德，感动了身边的每一个人。他们是最平凡的一家人，却用几十年如一日的坚守照顾瘫痪在床的亲人，用朴素的行动诠释了孝老爱亲的传统美德，感动了身边的每
取得全面从严治党重大战略性成果 巩固发展反腐败斗争压倒性胜利
（上接第一版）习近平在讲话中指出，党的十八大以来，我们着眼于新时代坚持和发展中国特色社会主义，以前所未有的勇气和定力推进全面从严治党，党内政治生活气象更新，党内政治生态明显好转，党的创造力凝聚力战斗力显著增强，全面从严治党取得重大战略性成果，反腐败斗争压倒性态势已经形成并巩固发展。（上接第一版）习近平在讲话中指出，党的十八大以来，我们着眼于新时代坚持和发展中国特色社会主义，以前所未有的勇气和定力推进全面从严治党，党内政治生活气象更新，党内政治生态明显好转，党的创造力凝聚力战斗力显著增强，全面从严治党取得重大战略性成果，反腐败斗争压倒性态势已经形成并巩固发展。（上接第一版）习近平在讲话中指出，党的十八大以来，我们着眼于新时代坚持和发展中国特色社会主义，以前所未有的勇气和定力推进全面从严治党，党内政治生活气象更新，党内政治生态明显好转，党的创造力凝聚力战斗力显著增强，全面从严治党取得重大战略性成果，反腐败斗争压倒性态势已经形成并巩固发展。（上接第一版）习近平在讲话中指出，党的十八大以来，我们着眼于新时代坚持和发展中国特色社会主义，以前所未有的勇气和定力推进全面从严治党，党内政治生活气象更新，党内政治生态明显好转，党的创造力凝聚力战斗力显著增强，全面从严治党取得重大战略性成果，反腐败斗争压倒性态势已经形成并巩固发展。（上接第一版）习近平在讲话中指出，党的十八大以来，我们着眼于新时代坚持和发展中国特色社会主义，以前所未有的勇气和定力推进全面从严治党，党内政治生活气象更新，党内政治生态明显好转，党的创造力凝聚力战斗力显著增强，全面从严治党取得重大战略性成果，反腐败斗争压倒性态势已经形成并巩固发展。（上接第一版）习近平在讲话中指出，党的十八大以来，我们着眼于新时代坚持和发展中国特色社会主义，以前所未有的勇气和定力推进全面从严治党，党内政治生活气象更新，党内政治生态明显好转，党的创造力凝聚力战斗力显著增强，全面从严治党取得重大战略性成果，反腐败斗争压倒性态势已经形成并巩固发展。（上接第一版）习近平在讲话中指出，党的十八大以来，我们着眼于新时代坚持和发展中国特色社会主义，以前所未有的勇气和定力推进全面从严治党，党内政治生活气象更新，党内政治生态明显好转，党的创造力凝聚力战斗力显著增强，全面从严治党取得重大战略性成果，反腐败斗争压倒性态势已经形成并巩固发展。（上接第一版）习近平在讲话中指出，党的十八大以来，我们着眼于新时代坚持和发展中国特色社会主义，以前所未有的勇气和定力推进全面从严治党，党内政治生活气象更新，党内政治生态明显好转，党的创造力凝聚力战斗力显著增强，全面从严治党取得重大战略性成果，反腐败斗争压倒性态势已经形成并巩
（上接第一版）习近平在讲话中指出，党的十八大以来，我们着眼于新时代坚持和发展中国特色社会主义，以前所未有的勇气和定力推进全面从严治党，党内政治生活气象更新，党内政治生态明显好转，党的创造力凝聚力战斗力显著增强，全面从严治党取得重大战略性成果，反腐败斗争压倒性态势已经形成并巩固发展。（上接第一版）习近平在讲话中指出，党的十八大以来，我们着眼于新时代坚持和发展中国特色社会主义，以前所未有的勇气和定力推进全面从严治党，党内政治生活气象更新，党内政治生态明显好转，党的创造力凝聚力战斗力显著增强，全面从严治党取得重大战略性成果，反腐败斗争压倒性态势已经形成并巩固发展。（上接第一版）习近平在讲话中指出，党的十八大以来，我们着眼于新时代坚持和发展中国特色社会主义，以前所未有的勇气和定力推进全面从严治党，党内政治生活气象更新，党内政治生态明显好转，党的创造力凝聚力战斗力显著增强，全面从严治党取得重大战略性成果，反腐败斗争压倒性态势已经形成并巩固发展。（上接第一版）习近平在讲话中指出，党的十八大以来，我们着眼于新时代坚持和发展中国特色社会主义，以前所未有的勇气和定力推进全面从严治党，党内政治生活气象更新，党内政治生态明显好转，党的创造力凝聚力战斗力显著增强，全面从严治党取得重大战略性成果，反腐败斗争压倒性态势已经形成并巩固发展。（上接第一版）习
（上接第一版）习近平在讲话中指出，党的十八大以来，我们着眼于新时代坚持和发展中国特色社会主义，以前所未有的勇气和定力推进全面从严治党，党内政治生活气象更新，党内政治生态明显好转，党的创造力凝聚力战斗力显著增强，全面从严治党取得重大战略性成果，反腐败斗争压倒性态势已经形成并巩固发展。（上接第一版）习近平在讲话中指出，党的十八大以来，我们着眼于新时代坚持和发展中国特色社会主义，以前所未有的勇气和定力推进全面从严治党，党内政治生活气象更新，党内政治生态明显好转，党的创造力凝聚力战斗力显著增强，全面从严治党取得重大战略性成果，反腐败斗争压倒性态势已经形成并巩固发展。（上接第一版）习近平在讲话中指出，党的十八大以来，我们着眼于新时代坚持和发展中国特色社会主义，以前所未有的勇气和定力推进全面从严治党，党内政治生活气象更新，党内政治生态明显好转，党的创造力凝聚力战斗力显著增强，全面从严治党取得重大战略性成果，反腐败斗争压倒性态势已经形成并巩固发展。（上接第一版）习近平在讲话中指出，党的十八大以来，我们着眼于新时代坚持和发展中国特色社会主义，以前所未有的勇气和定力推进全面从严治党，党内政治生活气象更新，党内政治生态明显好转，党的创造力凝聚力战斗力显著增强，全面从严治党取得重大战略性成果，反腐败斗争压倒性态势已经形成并巩固发展。（上接第一版）习近平在讲话中指出，党的十八大以来，我们着眼于新时代坚持和发展中国特色社会主义，以前所未有的勇气和定力推进全面从严治党，党内政治生活气象更新，党内政治生态明显好转，党的创造力凝聚力战斗力显著增强，全面从严治党取得重大战略性成果，反腐败斗争压倒性态势已经形成并巩固发展。（上接第一版）习近平在讲话中指出，党的十八大以来，我们着眼于新时代坚持和发展中国特色社会主义，以前所未有的勇气和定力推进全面从严治党，党内政治生活气象更新，党内政治生态明显好转，党的创造力凝聚力战斗力显著增强，全面从严治党取得重大战略性成果，反腐败斗争压倒性态势已经形成并巩固发展。（上接第一版）习近平在讲话中指出，党的十八大以来，我们着眼于新时代坚持和发展中国特色社会主义，以前所未有的勇气和定力推进全面从严治党，党内政治生活气象更新，党内政治生态明显好转，党的创造力凝聚力战斗力显著增强，全面从严治党取得重大战略性成果，反腐败斗争压倒性态势已经形成并巩固发展。（上接第一版）习近平在讲话中指出，党的十八大以来，我们着眼于新时代坚持和发展中国特色社会主义，以前所未有的勇气和定力推进全面从严治党，党内政治生活气象更新，党内政治生态明显好转，党的创造力凝聚力战斗力显著增强，全面从严治党取得重大战略性成果，反腐败斗争压倒性态势已经形成并巩固发展。（上接第一版）习近平在讲话中指出，党的十八大以来，我们着眼于新时代坚持和发展中国特色社会主
（上接第一版）习近平在讲话中指出，党的十八大以来，我们着眼于新时代坚持和发展中国特色社会主义，以前所未有的勇气和定力推进全面从严治党，党内政治生活气象更新，党内政治生态明显好转，党的创造力凝聚力战斗力显著增强，全面从严治党取得重大战略性成果，反腐败斗争压倒性态势已经形成并巩固发展。（上接第一版）习近平在讲话中指出，党的十八大以来，我们着眼于新时代坚持和发展中国特色社会主义，以前所未有的勇气和定力推进全面从严治党，党内政治生活气象更新，党内政治生态明显好转，党的创造力凝聚力战斗力显著增强，全面从严治党取得重大战略性成果，反腐败斗争压倒性态势已经形成并巩固发展。（上接第一版）习近平在讲话中指出，党的十八大以来，我们着眼于新时代坚持和发展中国特色社会主义，以前所未有的勇气和定力推进全面从严治党，党内政治生活气象更新，党内政治生态明显好转，党的创造力凝聚力战斗力显著增强，全面从严治党取得重大战略性成果，反腐败斗争压倒性态势已经形成并巩固发展。（上接第一版）习近平在讲话中指出，党的十八大以来，我们着眼于新时代坚持和发展中国特色社会主义，以前所未有的勇气和定力推进全面从严治党，党内政治生活气象更新，党内政治生态明显好转，党的创造力凝聚力战斗力显著增强，全面从严治党取得重大战略性成果，反腐败斗争压倒性态势已经形成并巩固发展。（上接第一版）习近平在讲话中指出，党的十八大以来，我们着眼于新时代坚持和发展中国特色社会主义，以前所未有的勇气和定力推进全面从严治党，党内政治生活气象更新，党内政治生态明显好转，党的创造力凝聚力战斗力显著增强，全面从严治党取得重大战略性成果，反腐败斗争压倒性态势已经形成并巩固发展。（上接第一版）习近平在讲话中指出，党的十八大以来，我们着眼于新时代坚持和发展中国特色社会主义，以前所未有的勇气和定力推进全面从严治党，党内政治生活气象更新，党内政治生态明显好转，党的创造力凝聚力战斗力显著增强，全面从严治党取得重大战略性成果，反腐败斗争压倒性态势已经形成并巩固发展。（上接第一版）习近平在讲话中指出，党的十八大以来，我们着眼于新时代坚持和发展中国特色社会主义，以前所未有的勇气和定力推进全面从严治党，党内政治生活气象更新，党内政治生态明显好转，党的创造力凝聚力战斗力显著增强，全面从严治党取得重大战略性成果，反腐败斗争压倒性态势已经形成并巩固发展。（上接第一版）习近平在讲话中指出，党的十八大以来，我们着眼于新时代坚持和发展中国特色社会主义，以前所未有的勇气和定力推进全面从严治党，党内政治生活气象更新，党内政治生态明显好转，党的创造力凝聚力战斗力显著增强，全面从严治党取得重大战略性成果，反腐败斗争压倒性态势已经形成并巩固发展。（上接第一版）习近平在讲话中指出，党的十八大以来，我们着眼于新时代坚持和发展中国特色社会主
（上接第一版）习近平在讲话中指出，党的十八大以来，我们着眼于新时代坚持和发展中国特色社会主义，以前所未有的勇气和定力推进全面从严治党，党内政治生活气象更新，党内政治生态明显好转，党的创造力凝聚力战斗力显著增强，全面从严治党取得重大战略性成果，反腐败斗争压倒性态势已经形成并巩固发展。（上接第一版）习近平在讲话中指出，党的十八大以来，我们着眼于新时代坚持和发展中国特色社会主义，以前所未有的勇气和定力推进全面从严治党，党内政治生活气象更新，党内政治生态明显好转，党的创造力凝聚力战斗力显著增强，全面从严治党取得重大战略性成果，反腐败斗争压倒性态势已经形成并巩固发展。（上接第一版）习近平在讲话中指出，党的十八大以来，我们着眼于新时代坚持和发展中国特色社会主义，以前所未有的勇气和定力推进全面从严治党，党内政治生活气象更新，党内政治生态明显好转，党的创造力凝聚力战斗力显著增强，全面从严治党取得重大战略性成果，反腐败斗争压倒性态势已经形成并巩固发展。（上接第一版）习近平在讲话中指出，党的十八大以来，我们着眼于新时代坚持和发展中国特色社会主义，以前所未有的勇气和定力推进全面从严治党，党内政治生活气象更新，党内政治生态明显好转，党的创造力凝聚力战斗力显著增强，全面从严治党取得重大战略性成果，反腐败斗争压倒性态势已经形成并巩固发展。（上接第一版）习近平在讲话中指出，党的十八大以来，我们着眼于新时代坚持和发展中国特色社会主义，以前所未有的勇气和定力推进全面从严治党，党内政治生活气象更新，党内政治生态明显好转，党的创造力凝聚力战斗力显著增强，全面从严治党取得重大战略性成果，反腐败斗争压倒性态势已经形成并巩固发展。（上接第一版）习近平在讲话中指出，党的十八大以来，我们着眼于新时代坚持和发展中国特色社会主义，以前所未有的勇气和定力推进全面从严治党，党内政治生活气象更新，党内政治生态明显好转，党的创造力凝聚力战斗力显著增强，全面从严治党取得重大战略性成果，反腐败斗争压倒性态势已经形成并巩固发展。（上接第一版）习近平在讲话中指出，党的十八大以来，我们着眼于新时代坚持和发展中国特色社会主义，以前所未有的勇气和定力推进全面从严治党，党内政治生活气象更新，党内政治生态明显好转，党的创造力凝聚力战斗力显著增强，全面从严治党取得重大战略性成果，反腐败斗争压倒性态势已经形成并巩固发展。（上接第一版）习近平在讲话中指出，党的十八大以来，我们着眼于新时代坚持和发展中国特色社会主义，以前所未有的勇气和定力推进全面从严治党，党内政治生活气象更新，党内政治生态明显好转，党的创造力凝聚力战斗力显著增强，全面从严治党取得重大战略性成果，反腐败斗争压倒性态势已经形成并巩固发展。（上接第一版）习近平在讲话中指出，党的十八大以来，我们着眼于新时代坚持和发展中国特色社会主义，以前所未有的勇气和定力推进全面从严治党，党内政治生活气象更新，党内政治生态明显好转，党的创造力凝聚力战斗力显著增强，全面从严治党取得重大战略性成果，反腐败斗争压倒性态势已经形成并巩固发展。（上接第一版）习近平在讲话中指出，党的十八大以来，我们着眼于新时代坚持和发展中国特色社会主义，以前所未有的勇气和定力推进全面从严治党，党内政治生活气象更新，党内政治生态明显好转，党的创造力凝聚力战斗力显著增
（上接第一版）习近平在讲话中指出，党的十八大以来，我们着眼于新时代坚持和发展中国特色社会主义，以前所未有的勇气和定力推进全面从严治党，党内政治生活气象更新，党内政治生态明显好转，党的创造力凝聚力战斗力显著增强，全面从严治党取得重大战略性成果，反腐败斗争压倒性态势已经形成并巩固发展。（上接第一版）习近平在讲话中指出，党的十八大以来，我们着眼于新时代坚持和发展中国特色社会主义，以前所未有的勇气和定力推进全面从严治党，党内政治生活气象更新，党内政治生态明显好转，党的创造力凝聚力战斗力显著增强，全面从严治党取得重大战略性成果，反腐败斗争压倒性态势已经形成并巩固发展。（上接第一版）习近平在讲话中指出，党的十八大以来，我们着眼于新时代坚持和发展中国特色社会主义，以前所未有的勇气和定力推进全面从严治党，党内政治生活气象更新，党内政治生态明显好转，党的创造力凝聚力战斗力显著增强，全面从严治党取得重大战略性成果，反腐败斗争压倒性态势已经形成并巩固发展。（上接第一版）习近平在讲话中指出，党的十八大以来，我们着眼于新时代坚持和发展中国特色社会主义，以前所未有的勇气和定力推进全面从严治党，党内政治生活气象更新，党内政治生态明显好转，党的创造力凝聚力战斗力显著增强，全面从严治党取得重大战略性成果，反腐败斗争压倒性态势已经形成并巩固发展。（上接第一版）习近平在讲话中指出，党的十八大以来，我们着眼于新时代坚持和发展中国特色社会主义，以前所未有的勇气和定力推进全面从严治党，党内政治生活气象更新，党内政治生态明显好转，党的创造力凝聚力战斗力显著增强，全面从严治党取得重大战略性成果，反腐败斗争压倒性态势已经形成并巩固发展。（上接第一版）习近平在讲话中指出，党的十八大以来，我们着眼于新时代坚持和发展中国特色社会主义，以前所未有的勇气和定力推进全面从严治党，党内政治生活气象更新，党内政治生态明显好转，党的创造力凝聚力战斗力显著增强，全面从严治党取得重大战略性成果，反腐败斗争压倒性态势已经形成并巩固发展。（上接第一版）习近平在讲话中指出，党的十八大以来，我们着眼于新时代坚持和发展中国特色社会主义，以前所未有的勇气和定力推进全面从严治党，党内政治生活气象更新，党内政治生态明显好转，党的创造力凝聚力战斗力显著增强，全面从严治党取得重大战略性成果，反腐败斗争压倒性态势已经形成并巩固发展。（上接第一版）习近平在讲话中指出，党的十八大以来，我们着眼于新时代坚持和发展中国特色社会主义，以前所未有的勇气和定力推进全面从严治党，党内政治生活气象更新，党内政治生态明显好转，党的创造力凝聚力战斗力显著增强，全面从严治党取得重大战略性成果，反腐败斗争压倒性态势已经形成并巩固发展。（上接第一版）习近平在讲话中指出，党的十八大以来，我们着眼于新时代坚持和发展中国特色社会主义，以前所未有的勇气和定力推进全面从严治党，党内政治生活气象更新，党内政治生态明显好转，党的创造力凝聚力战斗力显著增强，全面从严治党取得重大战略性成果，反腐败斗争压倒性态势已经形成并巩固发展。（上接第一版）习近平在讲话中指出，党的十八大以来，我们着眼于新时代坚持和发展中国特色社会主义，以前所未有的勇气和定力推进全面从严治党，党内政治生活气象更新，党内政治生态明显好转，党的创造力凝聚力战斗力显著增
（上接第一版）推动形成更高水平的对外开放格局，坚持稳中求进工作总基调，统筹推进稳增长、促改革、调结构、惠民生、防风险各项工作，保持经济持续健康发展和社会大局稳定。（上接第一版）推动形成更高水平的对外开放格局，坚持稳中求进工作总基调，统筹推进稳增长、促改革、调结构、惠民生、防风险各项工作，保持经济持续健康发展和社会大局稳定。（上接第一版）推动形成更高水平的对外开放格局，坚持稳中求进工作总基调，统筹推进稳增长、促改革、调结构、惠民生、防风险各项工作，保持经济持续健康发展和社会大局稳定。（上接第一版）推动形成更高水平的对外开放格局，坚持稳中求进工作总基调，统筹推进稳增长、促改革、调结构、惠民生、防风险各项工作，保持经济持续健康发展和社会大局稳定。（上接第一版）推动形成更高水平的对外开放格局，坚持稳中求进工作总基调，统筹推进稳增长、促改革、调结构、惠民生、防风险各项工作，保持经济持续健康发展和社会大局稳定。（上接第一版）推动形成更高水平的对外开放格局，坚持稳中求进工作总基调，统筹推进稳增长、促改革、调结构、惠民生、防风险各项工作，保持经济持续健康发展和社会大局稳定。（上接第一版）推动形成更高水平的对外开放格局，坚持稳中求进工作总基调，统筹推进稳增长、促改革、调结构、惠民生、防风险各项工作，保持经济持续健康发展和社会大局稳定。（上接第一版）推动形成更高水平的对外开放格局，坚持稳中求进工作总基调，统筹推进稳增长、促改革、调结构、惠民生、防风险各项工作，保持经济持续健康发展和社会大局稳定。（上接第一版）推动形成更高水平的对外开放格局，坚持稳中求进工作总基调，统筹推进稳增长、促改革、调结构、惠民生、防风险各项工作，保持经济持续健康发展和社会大局稳定。（上接第一版）推动形成更高水平的对外开放格局，坚持稳中求进工作总基调，统筹推进稳增长、促改革、调结构、惠民生、防风险各项工作，保持经济持续健康发展和社会大局稳定。（上接第一版）推动形成更高水平的对外开放格局，坚持稳中求进工作总基调，统筹推进稳增长、促改革、调结构、惠民生、防风险各项工作，保持经济持续健康发展和社会大局稳定。（上接第一版）推动形成更高水平的对外开放格局，坚持稳中求进工作总基调，统筹推进稳增长、促改革、调结构、惠民生、防风险各项工作，保持经济持续健康发展和社会大局稳定。（上接第一版）推动形成更高水平的对外开放格局，坚持稳中求进工作总基调，统筹推进稳增长、促改革、调结构、惠民生、防风险各项工作，保持经济持续健康发展和社会大局稳定。
（上接第一版）推动形成更高水平的对外开放格局，坚持稳中求进工作总基调，统筹推进稳增长、促改革、调结构、惠民生、防风险各项工作，保持经济持续健康发展和社会大局稳定。（上接第一版）推动形成更高水平的对外开放格局，坚持稳中求进工作总基调，统筹推进稳增长、促改革、调结构、惠民生、防风险各项工作，保持经济持续健康发展和社会大局稳定。（上接第一版）推动形成更高水平的对外开放格局，坚持稳中求进工作总基调，统筹推进稳增长、促改革、调结构、惠民生、防风险各项工作，保持经济持续健康发展和社会大局稳定。（上接第一版）推动形成更高水平的对外开放格局，坚持稳中求进工作总基调，统筹推进稳增长、促改革、调结构、惠民生、防风险各项工作，保持经济持续健康发展和社会大局稳定。（上接第一版）推动形成更高水平的对外开放格局，坚持稳中求进工作总基调，统筹推进稳增长、促改革、调结构、惠民生、防风险各项工作，保持经济持续健康发展和社会大局稳定。（上接第一版）推动形成更高水平的对外开放格局，坚持稳中求进工作总基调，统筹推进稳增长、促改革、调结构、惠民生、防风险各项工作，保持经济持续健康发展和社会大局稳定。（上接第一版）推动形成更高水平的对外开放格局，坚持稳中求进工作总基调，统筹推进稳增长、促改革、调结构、惠民生、防风险各项工作，保持经济持续健康发展和社会大局稳定。（上接第一版）推动形成更高水平的对外开放格局，坚持稳中求进工作总基调，统筹推进稳增长、促改革、调结构、惠民生、防风险各项工作，保持经济持续健康发展和社会大局稳定。（上接第一版）推动形成更高水平的对外开放格局，坚持稳中求进工作总基调，统筹推进稳增长、促改革、调结构、惠民生、防风险各项工作，保持经济持续健康发展和社会大局稳定。（上接第一版）推动形成更高水平的对外开放格局，坚持稳中求进工作总基调，统筹推进稳增长、促改革、调结构、惠民生、防风险各项工作，保持经济持续健康发展和社会大局稳定。（上接第一版）推动形成更高水平的对外开放格局，坚持稳中求进工作总基调，统筹推进稳增长、促改革、调结构、惠民生、防风险各项工作，保持经济持续健康发展和社会大局稳定。（上接第一版）推动形成更高水平的对外开放格局，坚持稳中求进工作总基调，统筹推进稳增长、促改革、调结构、惠民生、防风险各项工作，保持经济持续健康发展和社会大局稳定。（上接第一版）推动形成更高水平的对外开放格局，坚持稳中求进工作总基调，统筹推进稳增长、促改革、调结构、惠民生、防风险各项工作，保持经济持续健康发展和社会大局稳定。
